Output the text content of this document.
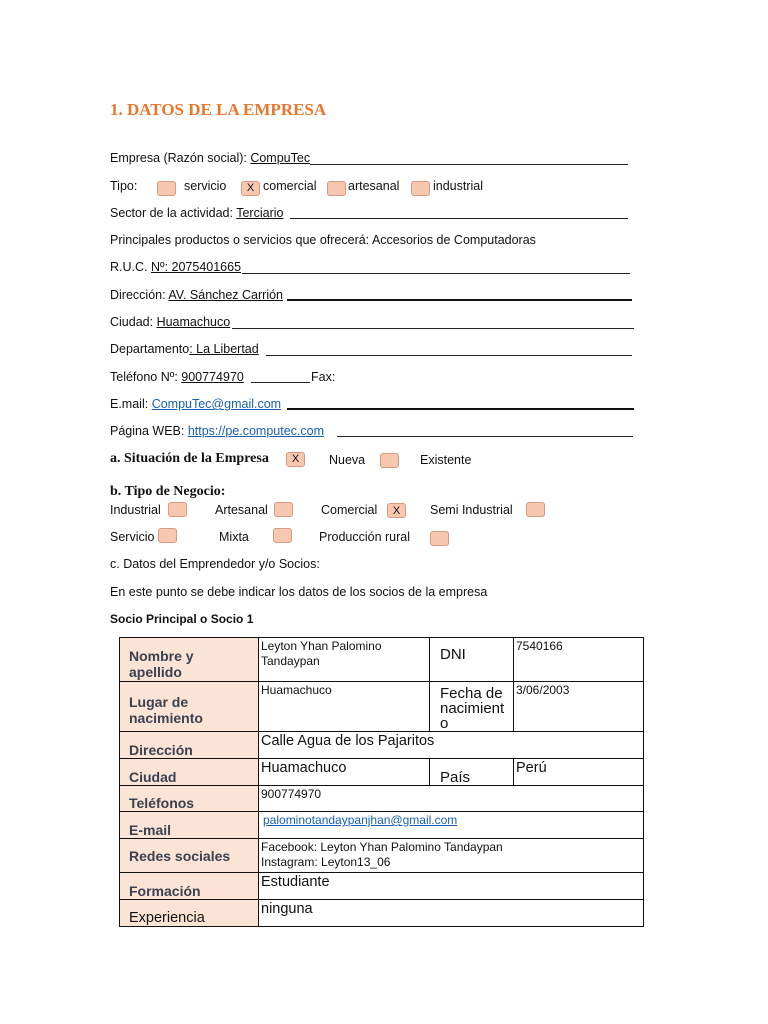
1. DATOS DE LA EMPRESA
Empresa (Razón social): CompuTec
Tipo:	servicio	X comercial	artesanal	industrial
Sector de la actividad: Terciario
Principales productos o servicios que ofrecerá: Accesorios de Computadoras
R.U.C. Nº: 2075401665
Dirección: AV. Sánchez Carrión
Ciudad: Huamachuco
Departamento: La Libertad
Teléfono Nº: 900774970	Fax:
E.mail: CompuTec@gmail.com
Página WEB: https://pe.computec.com
a. Situación de la Empresa	X	Nueva	Existente
b. Tipo de Negocio:
Industrial	Artesanal	Comercial	X	Semi Industrial
Servicio	Mixta	Producción rural
c. Datos del Emprendedor y/o Socios:
En este punto se debe indicar los datos de los socios de la empresa
Socio Principal o Socio 1
Nombre y apellido	Leyton Yhan Palomino Tandaypan	DNI	7540166
Lugar de nacimiento	Huamachuco	Fecha de nacimient o	3/06/2003
Dirección	Calle Agua de los Pajaritos		
Ciudad	Huamachuco	País	Perú
Teléfonos	900774970		
E-mail	palominotandaypanjhan@gmail.com		
Redes sociales	Facebook: Leyton Yhan Palomino Tandaypan
Instagram: Leyton13_06		

Formación	Estudiante		
Experiencia	ninguna		
